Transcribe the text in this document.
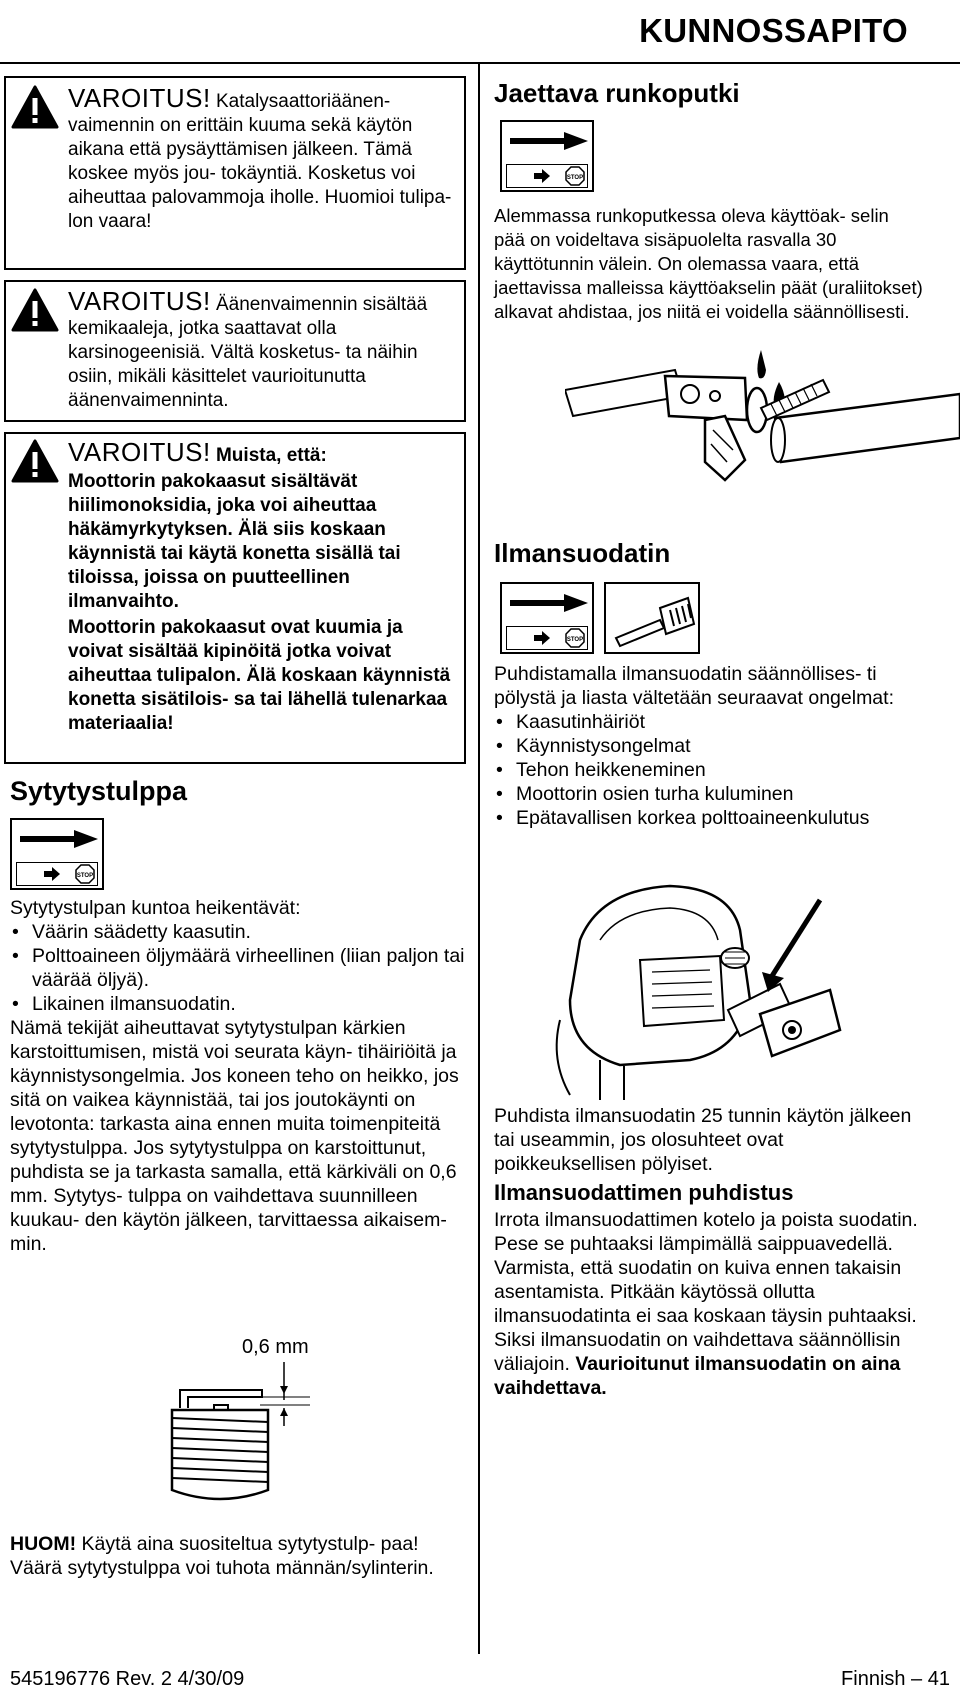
KUNNOSSAPITO
VAROITUS! Katalysaattoriäänen- vaimennin on erittäin kuuma sekä käytön aikana että pysäyttämisen jälkeen. Tämä koskee myös jou- tokäyntiä. Kosketus voi aiheuttaa palovammoja iholle. Huomioi tulipa- lon vaara!
VAROITUS! Äänenvaimennin sisältää kemikaaleja, jotka saattavat olla karsinogeenisiä. Vältä kosketus- ta näihin osiin, mikäli käsittelet vaurioitunutta äänenvaimenninta.
VAROITUS! Muista, että:
Moottorin pakokaasut sisältävät hiilimonoksidia, joka voi aiheuttaa häkämyrkytyksen. Älä siis koskaan käynnistä tai käytä konetta sisällä tai tiloissa, joissa on puutteellinen ilmanvaihto.
Moottorin pakokaasut ovat kuumia ja voivat sisältää kipinöitä jotka voivat aiheuttaa tulipalon. Älä koskaan käynnistä konetta sisätilois- sa tai lähellä tulenarkaa materiaalia!
Sytytystulppa
STOP
Sytytystulpan kuntoa heikentävät:
• Väärin säädetty kaasutin.
• Polttoaineen öljymäärä virheellinen (liian paljon tai väärää öljyä).
• Likainen ilmansuodatin.
Nämä tekijät aiheuttavat sytytystulpan kärkien karstoittumisen, mistä voi seurata käyn- tihäiriöitä ja käynnistysongelmia. Jos koneen teho on heikko, jos sitä on vaikea käynnistää, tai jos joutokäynti on levotonta: tarkasta aina ennen muita toimenpiteitä sytytystulppa. Jos sytytystulppa on karstoittunut, puhdista se ja tarkasta samalla, että kärkiväli on 0,6 mm. Sytytys- tulppa on vaihdettava suunnilleen kuukau- den käytön jälkeen, tarvittaessa aikaisem- min.
0,6 mm
HUOM! Käytä aina suositeltua sytytystulp- paa! Väärä sytytystulppa voi tuhota männän/sylinterin.
Jaettava runkoputki
STOP
Alemmassa runkoputkessa oleva käyttöak- selin pää on voideltava sisäpuolelta rasvalla 30 käyttötunnin välein. On olemassa vaara, että jaettavissa malleissa käyttöakselin päät (uraliitokset) alkavat ahdistaa, jos niitä ei voidella säännöllisesti.
Ilmansuodatin
STOP
Puhdistamalla ilmansuodatin säännöllises- ti pölystä ja liasta vältetään seuraavat ongelmat:
• Kaasutinhäiriöt
• Käynnistysongelmat
• Tehon heikkeneminen
• Moottorin osien turha kuluminen
• Epätavallisen korkea polttoaineenkulutus
Puhdista ilmansuodatin 25 tunnin käytön jälkeen tai useammin, jos olosuhteet ovat poikkeuksellisen pölyiset.
Ilmansuodattimen puhdistus
Irrota ilmansuodattimen kotelo ja poista suodatin. Pese se puhtaaksi lämpimällä saippuavedellä. Varmista, että suodatin on kuiva ennen takaisin asentamista. Pitkään käytössä ollutta ilmansuodatinta ei saa koskaan täysin puhtaaksi. Siksi ilmansuodatin on vaihdettava säännöllisin väliajoin. Vaurioitunut ilmansuodatin on aina vaihdettava.
545196776 Rev. 2 4/30/09	Finnish – 41
